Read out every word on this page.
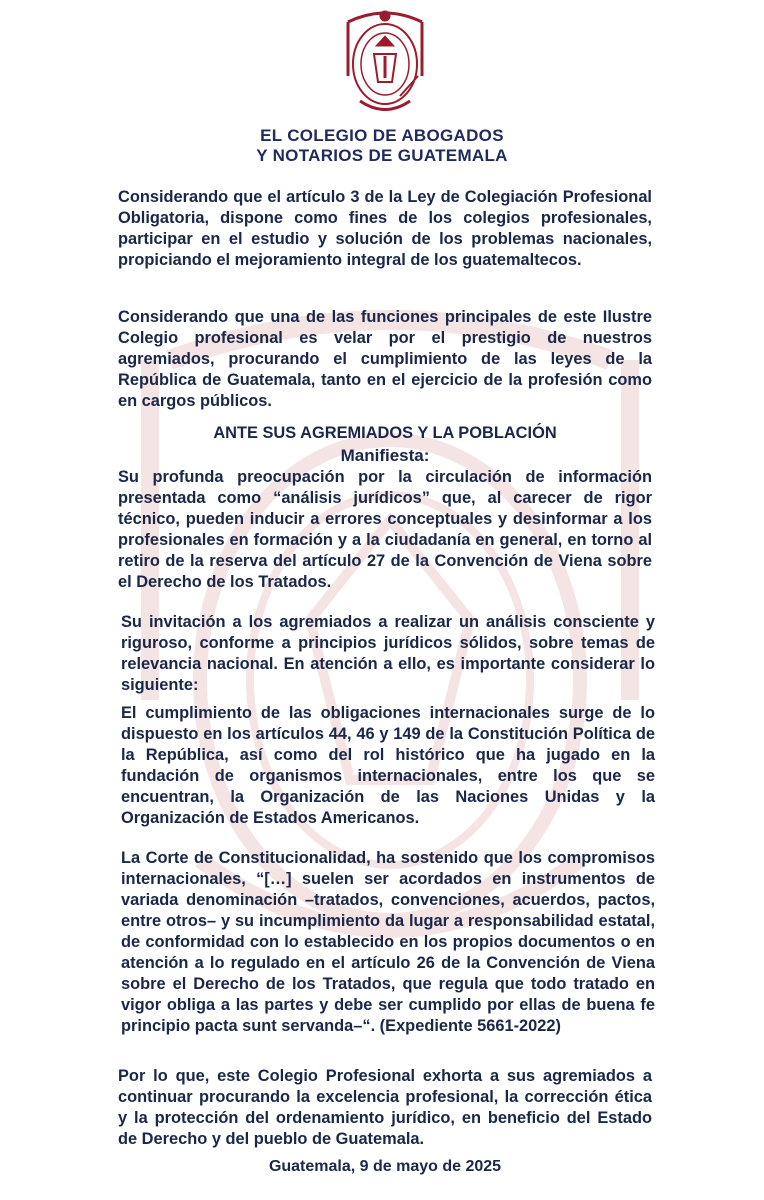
EL COLEGIO DE ABOGADOS
Y NOTARIOS DE GUATEMALA

Considerando que el artículo 3 de la Ley de Colegiación Profesional Obligatoria, dispone como fines de los colegios profesionales, participar en el estudio y solución de los problemas nacionales, propiciando el mejoramiento integral de los guatemaltecos.

Considerando que una de las funciones principales de este Ilustre Colegio profesional es velar por el prestigio de nuestros agremiados, procurando el cumplimiento de las leyes de la República de Guatemala, tanto en el ejercicio de la profesión como en cargos públicos.

ANTE SUS AGREMIADOS Y LA POBLACIÓN
Manifiesta:

Su profunda preocupación por la circulación de información presentada como “análisis jurídicos” que, al carecer de rigor técnico, pueden inducir a errores conceptuales y desinformar a los profesionales en formación y a la ciudadanía en general, en torno al retiro de la reserva del artículo 27 de la Convención de Viena sobre el Derecho de los Tratados.

Su invitación a los agremiados a realizar un análisis consciente y riguroso, conforme a principios jurídicos sólidos, sobre temas de relevancia nacional. En atención a ello, es importante considerar lo siguiente:

El cumplimiento de las obligaciones internacionales surge de lo dispuesto en los artículos 44, 46 y 149 de la Constitución Política de la República, así como del rol histórico que ha jugado en la fundación de organismos internacionales, entre los que se encuentran, la Organización de las Naciones Unidas y la Organización de Estados Americanos.

La Corte de Constitucionalidad, ha sostenido que los compromisos internacionales, “[…] suelen ser acordados en instrumentos de variada denominación –tratados, convenciones, acuerdos, pactos, entre otros– y su incumplimiento da lugar a responsabilidad estatal, de conformidad con lo establecido en los propios documentos o en atención a lo regulado en el artículo 26 de la Convención de Viena sobre el Derecho de los Tratados, que regula que todo tratado en vigor obliga a las partes y debe ser cumplido por ellas de buena fe principio pacta sunt servanda–“. (Expediente 5661-2022)

Por lo que, este Colegio Profesional exhorta a sus agremiados a continuar procurando la excelencia profesional, la corrección ética y la protección del ordenamiento jurídico, en beneficio del Estado de Derecho y del pueblo de Guatemala.

Guatemala, 9 de mayo de 2025
